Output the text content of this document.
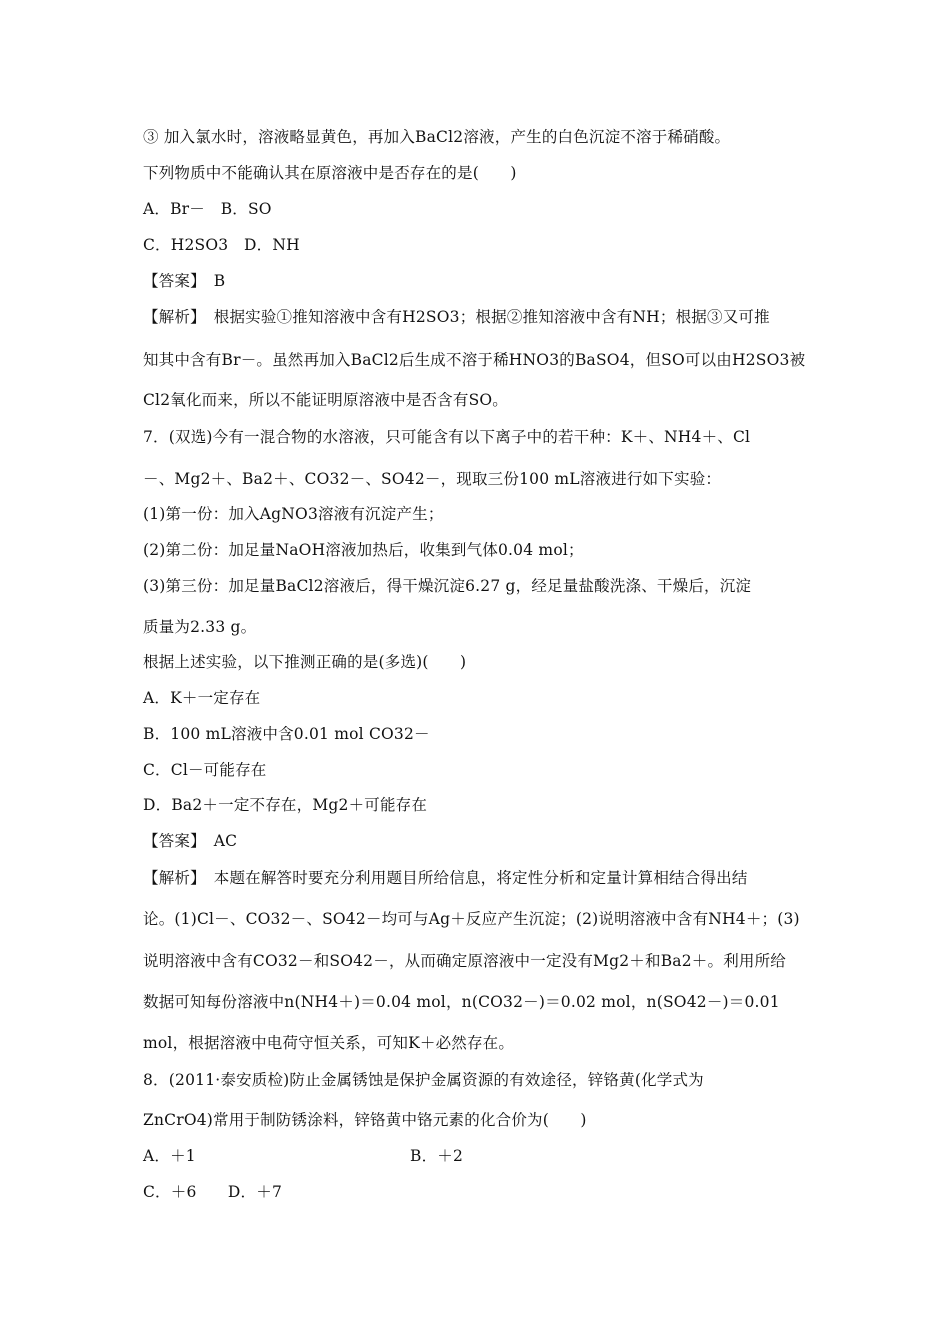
③ 加入氯水时，溶液略显黄色，再加入BaCl2溶液，产生的白色沉淀不溶于稀硝酸。
下列物质中不能确认其在原溶液中是否存在的是(　　)
A．Br－　B．SO
C．H2SO3　D．NH
【答案】　B
【解析】　根据实验①推知溶液中含有H2SO3；根据②推知溶液中含有NH；根据③又可推
知其中含有Br－。虽然再加入BaCl2后生成不溶于稀HNO3的BaSO4，但SO可以由H2SO3被
Cl2氧化而来，所以不能证明原溶液中是否含有SO。
7．(双选)今有一混合物的水溶液，只可能含有以下离子中的若干种：K＋、NH4＋、Cl
－、Mg2＋、Ba2＋、CO32－、SO42－，现取三份100 mL溶液进行如下实验：
(1)第一份：加入AgNO3溶液有沉淀产生；
(2)第二份：加足量NaOH溶液加热后，收集到气体0.04 mol；
(3)第三份：加足量BaCl2溶液后，得干燥沉淀6.27 g，经足量盐酸洗涤、干燥后，沉淀
质量为2.33 g。
根据上述实验，以下推测正确的是(多选)(　　)
A．K＋一定存在
B．100 mL溶液中含0.01 mol CO32－
C．Cl－可能存在
D．Ba2＋一定不存在，Mg2＋可能存在
【答案】　AC
【解析】　本题在解答时要充分利用题目所给信息，将定性分析和定量计算相结合得出结
论。(1)Cl－、CO32－、SO42－均可与Ag＋反应产生沉淀；(2)说明溶液中含有NH4＋；(3)
说明溶液中含有CO32－和SO42－，从而确定原溶液中一定没有Mg2＋和Ba2＋。利用所给
数据可知每份溶液中n(NH4＋)＝0.04 mol，n(CO32－)＝0.02 mol，n(SO42－)＝0.01
mol，根据溶液中电荷守恒关系，可知K＋必然存在。
8．(2011·泰安质检)防止金属锈蚀是保护金属资源的有效途径，锌铬黄(化学式为
ZnCrO4)常用于制防锈涂料，锌铬黄中铬元素的化合价为(　　)
A．＋1	B．＋2
C．＋6　　D．＋7
